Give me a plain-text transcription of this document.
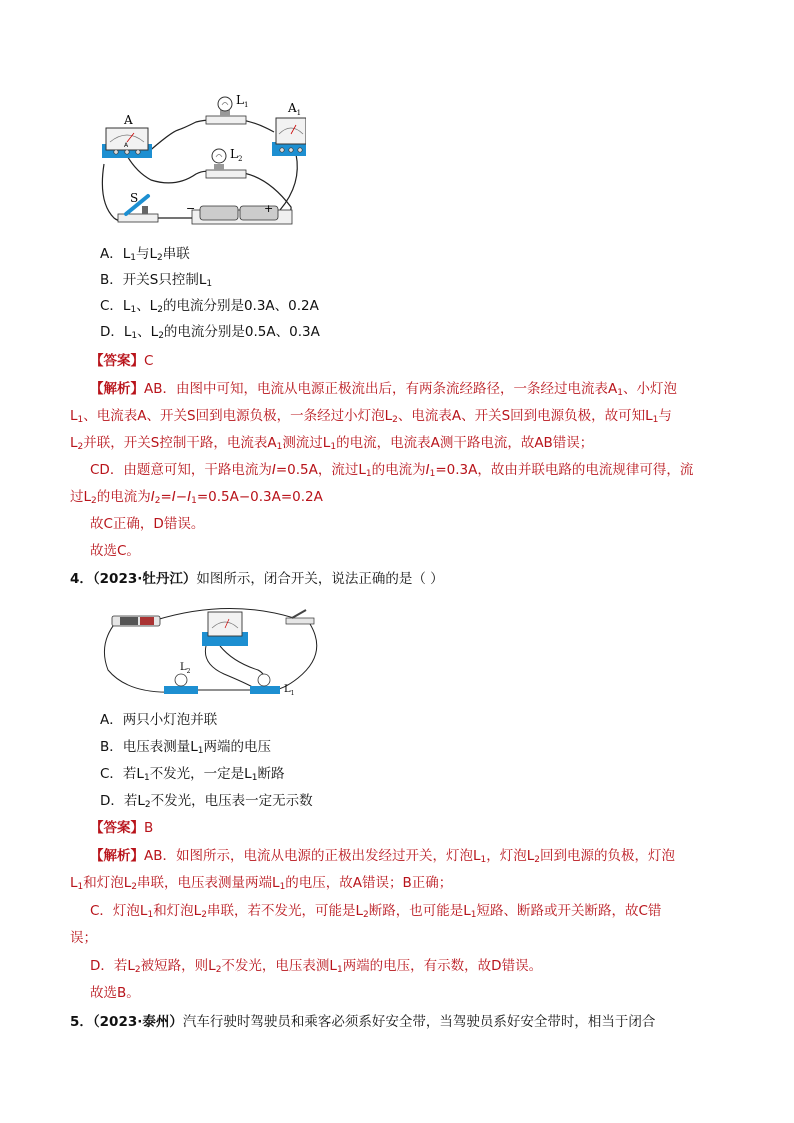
A
A
$L_1$
$L_2$
$A_1$
S
−	+
A．$L_1$与$L_2$串联
B．开关S只控制$L_1$
C．$L_1$、$L_2$的电流分别是0.3A、0.2A
D．$L_1$、$L_2$的电流分别是0.5A、0.3A
【答案】C
【解析】AB．由图中可知，电流从电源正极流出后，有两条流经路径，一条经过电流表$A_1$、小灯泡
$L_1$、电流表A、开关S回到电源负极，一条经过小灯泡$L_2$、电流表A、开关S回到电源负极，故可知$L_1$与
$L_2$并联，开关S控制干路，电流表$A_1$测流过$L_1$的电流，电流表A测干路电流，故AB错误；
CD．由题意可知，干路电流为I=0.5A，流过$L_1$的电流为$I_1=0.3A$，故由并联电路的电流规律可得，流
过$L_2$的电流为$I_2=I-I_1=0.5A-0.3A=0.2A$
故C正确，D错误。
故选C。
4．（2023·牡丹江）如图所示，闭合开关，说法正确的是（ ）
$L_2$
$L_1$
A．两只小灯泡并联
B．电压表测量$L_1$两端的电压
C．若$L_1$不发光，一定是$L_1$断路
D．若$L_2$不发光，电压表一定无示数
【答案】B
【解析】AB．如图所示，电流从电源的正极出发经过开关，灯泡$L_1$，灯泡$L_2$回到电源的负极，灯泡
$L_1$和灯泡$L_2$串联，电压表测量两端$L_1$的电压，故A错误；B正确；
C．灯泡$L_1$和灯泡$L_2$串联，若不发光，可能是$L_2$断路，也可能是$L_1$短路、断路或开关断路，故C错
误；
D．若$L_2$被短路，则$L_2$不发光，电压表测$L_1$两端的电压，有示数，故D错误。
故选B。
5．（2023·泰州）汽车行驶时驾驶员和乘客必须系好安全带，当驾驶员系好安全带时，相当于闭合
